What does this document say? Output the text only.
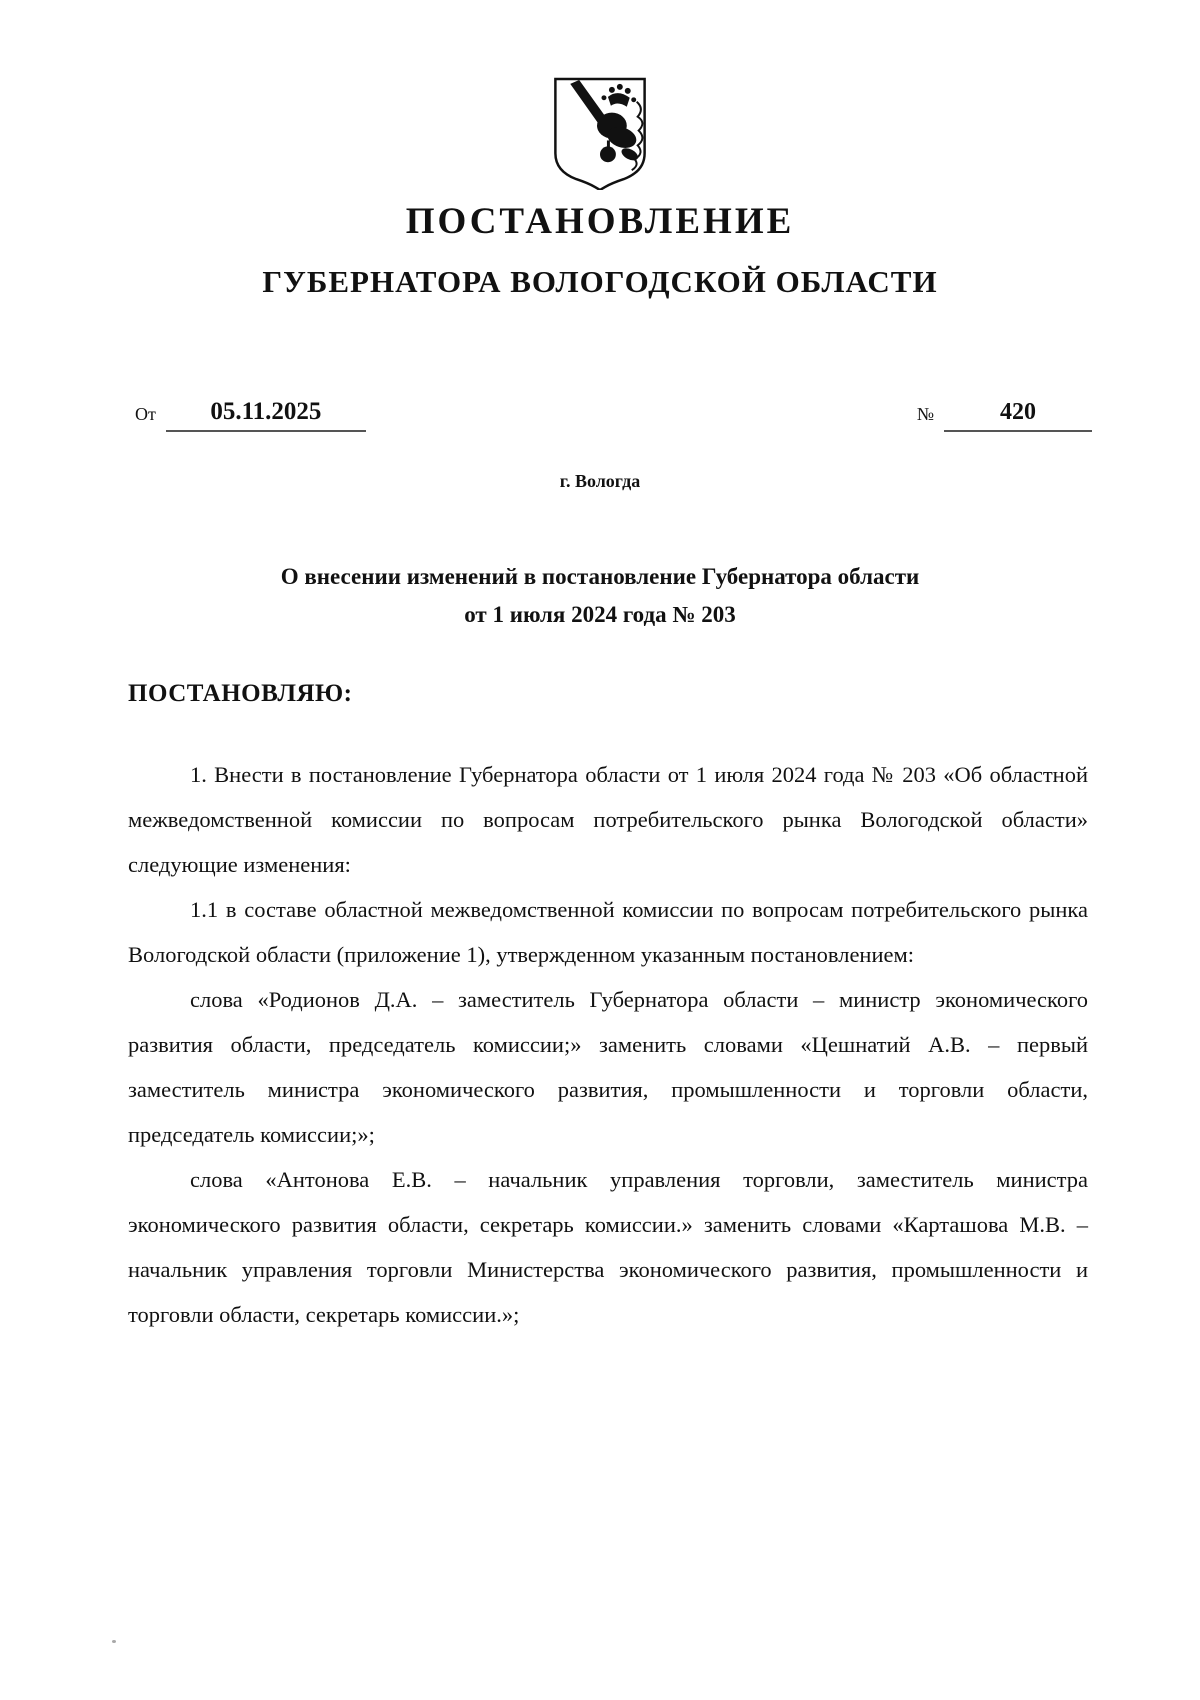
ПОСТАНОВЛЕНИЕ
ГУБЕРНАТОРА ВОЛОГОДСКОЙ ОБЛАСТИ
От	05.11.2025	№	420
г. Вологда
О внесении изменений в постановление Губернатора области
от 1 июля 2024 года № 203
ПОСТАНОВЛЯЮ:

1. Внести в постановление Губернатора области от 1 июля 2024 года № 203 «Об областной межведомственной комиссии по вопросам потребительского рынка Вологодской области» следующие изменения:

1.1 в составе областной межведомственной комиссии по вопросам потребительского рынка Вологодской области (приложение 1), утвержденном указанным постановлением:

слова «Родионов Д.А. – заместитель Губернатора области – министр экономического развития области, председатель комиссии;» заменить словами «Цешнатий А.В. – первый заместитель министра экономического развития, промышленности и торговли области, председатель комиссии;»;

слова «Антонова Е.В. – начальник управления торговли, заместитель министра экономического развития области, секретарь комиссии.» заменить словами «Карташова М.В. – начальник управления торговли Министерства экономического развития, промышленности и торговли области, секретарь комиссии.»;
